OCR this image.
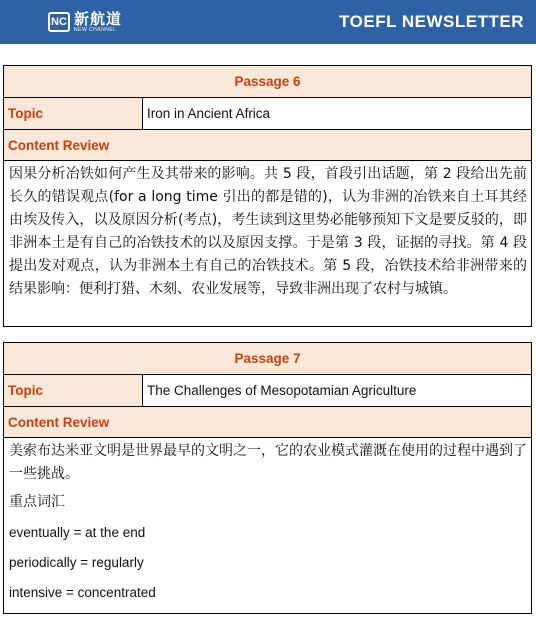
NC 新航道
NEW CHANNEL	TOEFL NEWSLETTER
Passage 6
Topic	Iron in Ancient Africa
Content Review
因果分析冶铁如何产生及其带来的影响。共 5 段，首段引出话题，第 2 段给出先前长久的错误观点(for a long time 引出的都是错的)，认为非洲的冶铁来自土耳其经由埃及传入，以及原因分析(考点)，考生读到这里势必能够预知下文是要反驳的，即非洲本土是有自己的冶铁技术的以及原因支撑。于是第 3 段，证据的寻找。第 4 段提出发对观点，认为非洲本土有自己的冶铁技术。第 5 段，冶铁技术给非洲带来的结果影响：便利打猎、木刻、农业发展等，导致非洲出现了农村与城镇。
Passage 7
Topic	The Challenges of Mesopotamian Agriculture
Content Review
美索布达米亚文明是世界最早的文明之一，它的农业模式灌溉在使用的过程中遇到了一些挑战。
重点词汇
eventually = at the end
periodically = regularly
intensive = concentrated
